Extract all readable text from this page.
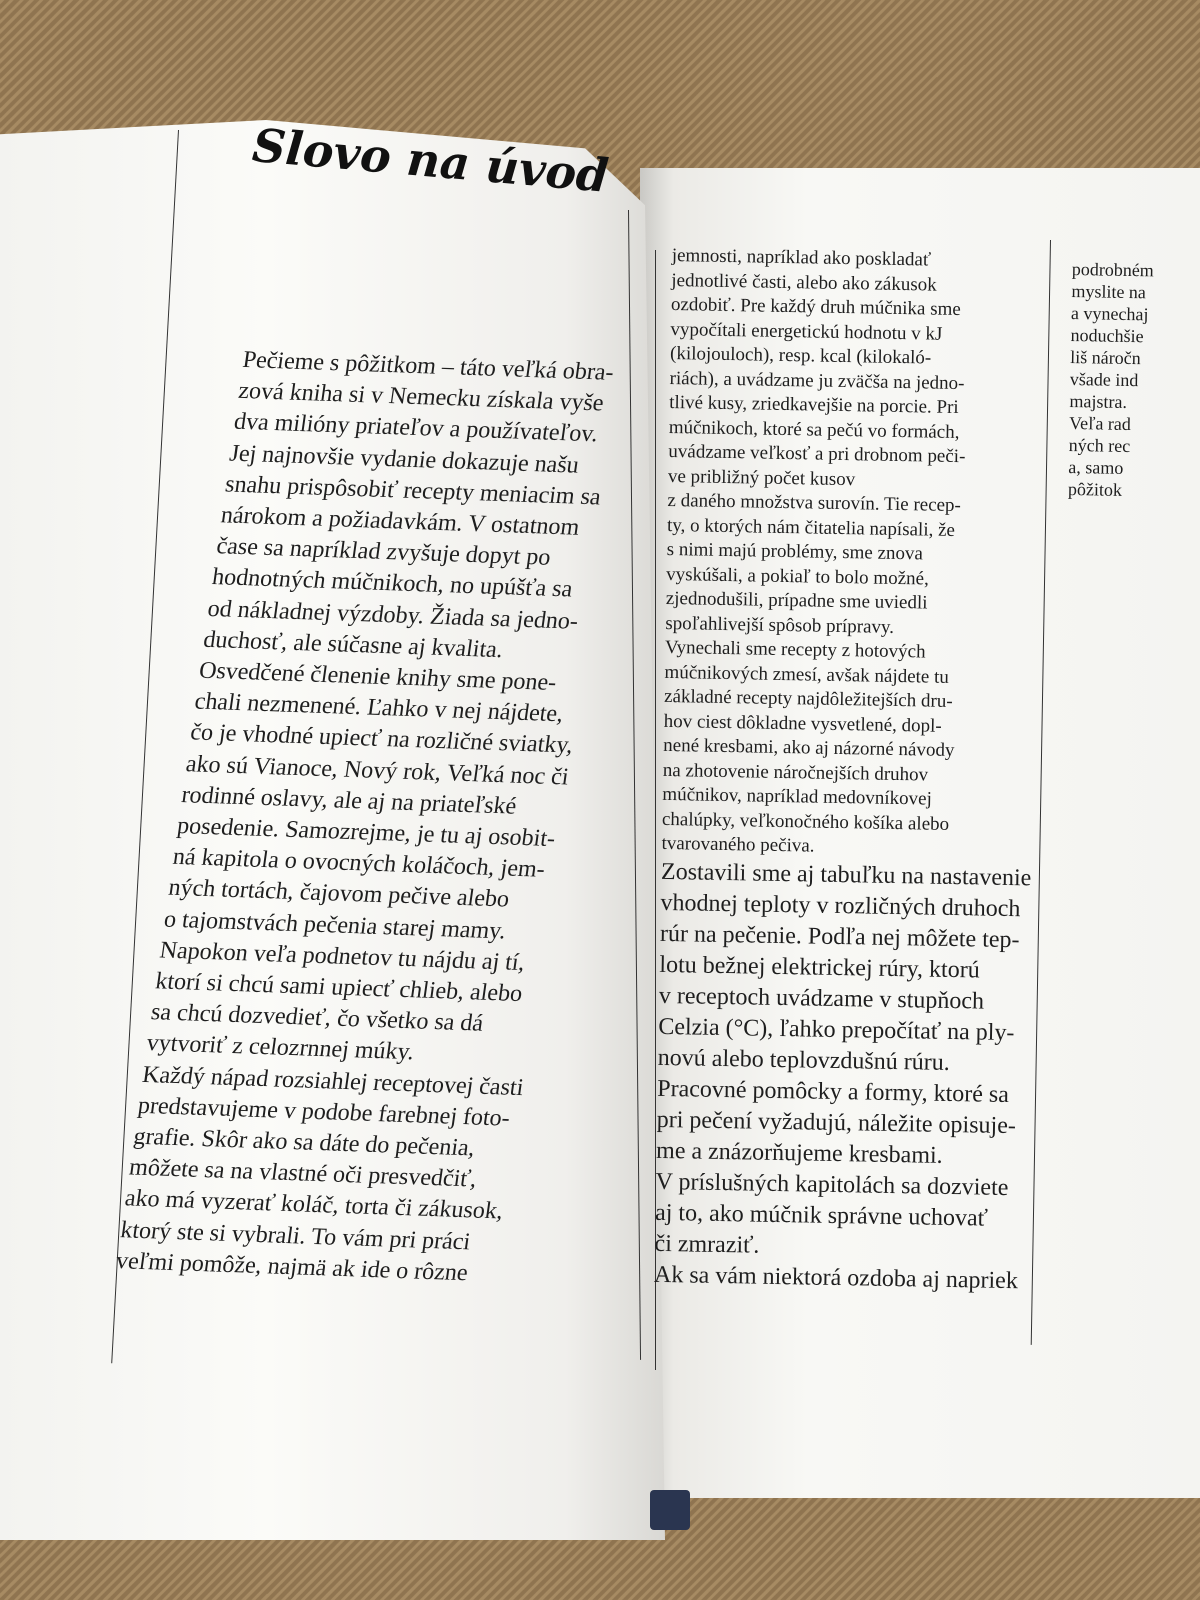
Slovo na úvod
Pečieme s pôžitkom – táto veľká obra-
zová kniha si v Nemecku získala vyše
dva milióny priateľov a používateľov.
Jej najnovšie vydanie dokazuje našu
snahu prispôsobiť recepty meniacim sa
nárokom a požiadavkám. V ostatnom
čase sa napríklad zvyšuje dopyt po
hodnotných múčnikoch, no upúšťa sa
od nákladnej výzdoby. Žiada sa jedno-
duchosť, ale súčasne aj kvalita.
Osvedčené členenie knihy sme pone-
chali nezmenené. Ľahko v nej nájdete,
čo je vhodné upiecť na rozličné sviatky,
ako sú Vianoce, Nový rok, Veľká noc či
rodinné oslavy, ale aj na priateľské
posedenie. Samozrejme, je tu aj osobit-
ná kapitola o ovocných koláčoch, jem-
ných tortách, čajovom pečive alebo
o tajomstvách pečenia starej mamy.
Napokon veľa podnetov tu nájdu aj tí,
ktorí si chcú sami upiecť chlieb, alebo
sa chcú dozvedieť, čo všetko sa dá
vytvoriť z celozrnnej múky.
Každý nápad rozsiahlej receptovej časti
predstavujeme v podobe farebnej foto-
grafie. Skôr ako sa dáte do pečenia,
môžete sa na vlastné oči presvedčiť,
ako má vyzerať koláč, torta či zákusok,
ktorý ste si vybrali. To vám pri práci
veľmi pomôže, najmä ak ide o rôzne
jemnosti, napríklad ako poskladať
jednotlivé časti, alebo ako zákusok
ozdobiť. Pre každý druh múčnika sme
vypočítali energetickú hodnotu v kJ
(kilojouloch), resp. kcal (kilokaló-
riách), a uvádzame ju zväčša na jedno-
tlivé kusy, zriedkavejšie na porcie. Pri
múčnikoch, ktoré sa pečú vo formách,
uvádzame veľkosť a pri drobnom peči-
ve približný počet kusov
z daného množstva surovín. Tie recep-
ty, o ktorých nám čitatelia napísali, že
s nimi majú problémy, sme znova
vyskúšali, a pokiaľ to bolo možné,
zjednodušili, prípadne sme uviedli
spoľahlivejší spôsob prípravy.
Vynechali sme recepty z hotových
múčnikových zmesí, avšak nájdete tu
základné recepty najdôležitejších dru-
hov ciest dôkladne vysvetlené, dopl-
nené kresbami, ako aj názorné návody
na zhotovenie náročnejších druhov
múčnikov, napríklad medovníkovej
chalúpky, veľkonočného košíka alebo
tvarovaného pečiva.
Zostavili sme aj tabuľku na nastavenie
vhodnej teploty v rozličných druhoch
rúr na pečenie. Podľa nej môžete tep-
lotu bežnej elektrickej rúry, ktorú
v receptoch uvádzame v stupňoch
Celzia (°C), ľahko prepočítať na ply-
novú alebo teplovzdušnú rúru.
Pracovné pomôcky a formy, ktoré sa
pri pečení vyžadujú, náležite opisuje-
me a znázorňujeme kresbami.
V príslušných kapitolách sa dozviete
aj to, ako múčnik správne uchovať
či zmraziť.
Ak sa vám niektorá ozdoba aj napriek
podrobném
myslite na
a vynechaj
noduchšie
liš náročn
všade ind
majstra.
Veľa rad
ných rec
a, samo
pôžitok
